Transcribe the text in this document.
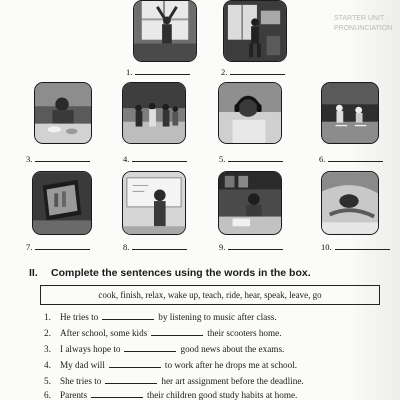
STARTER UNIT · PRONUNCIATION
1.	2.
3.	4.	5.	6.
7.	8.	9.	10.
II. Complete the sentences using the words in the box.
cook, finish, relax, wake up, teach, ride, hear, speak, leave, go
1. He tries to	by listening to music after class.
2. After school, some kids	their scooters home.
3. I always hope to	good news about the exams.
4. My dad will	to work after he drops me at school.
5. She tries to	her art assignment before the deadline.
6. Parents	their children good study habits at home.
